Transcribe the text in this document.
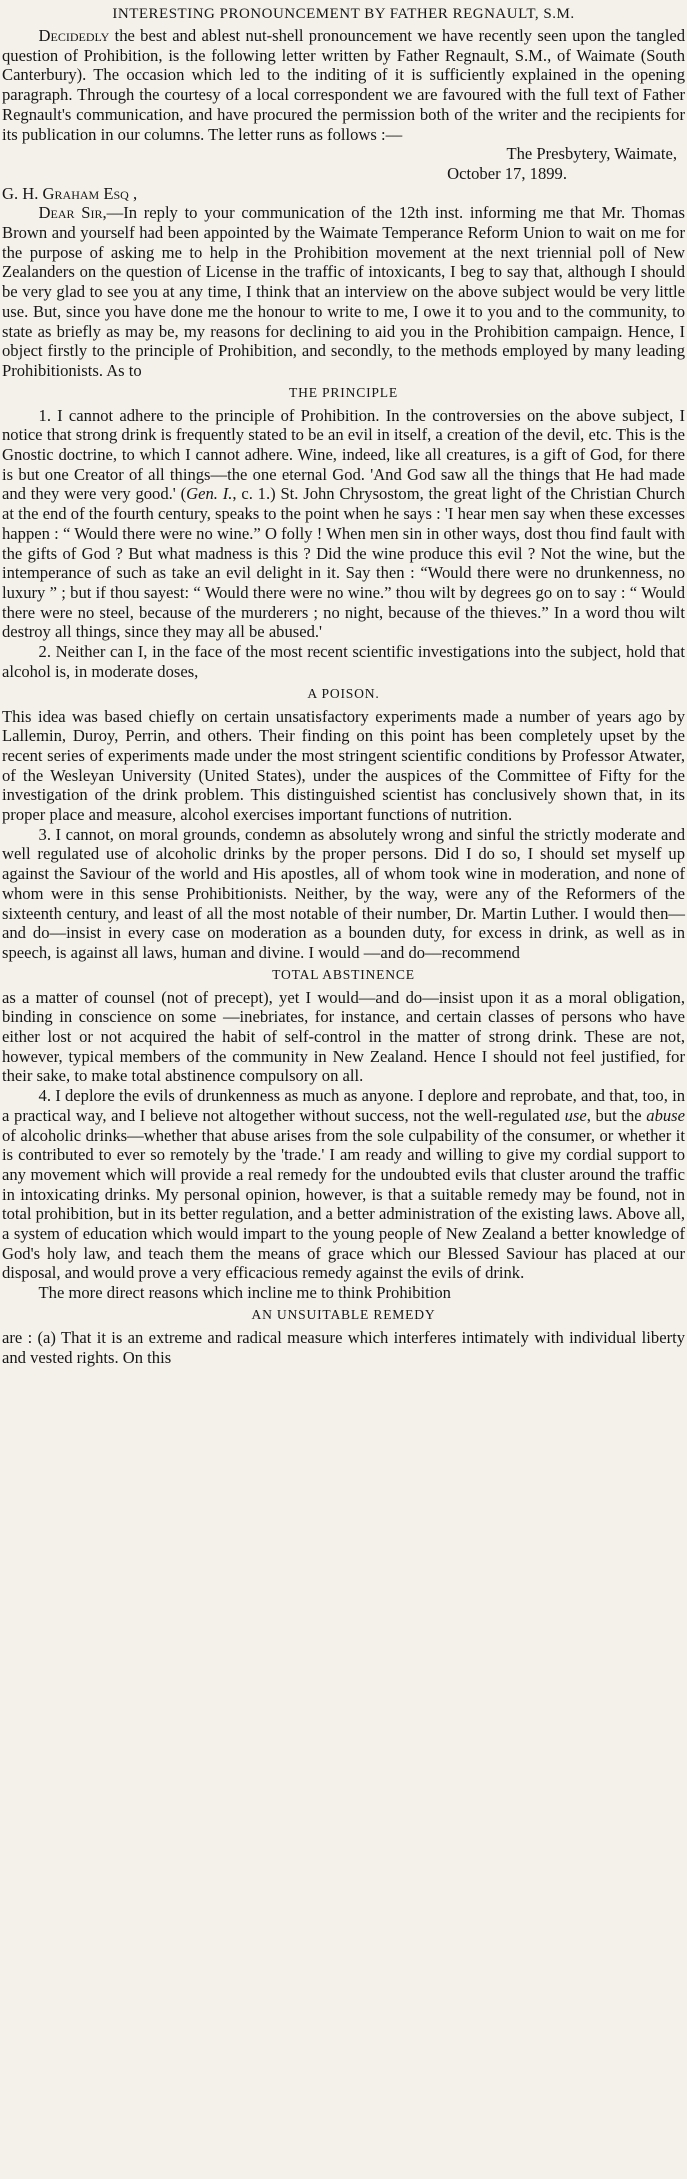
INTERESTING PRONOUNCEMENT BY FATHER REGNAULT, S.M.

Decidedly the best and ablest nut-shell pronouncement we have recently seen upon the tangled question of Prohibition, is the following letter written by Father Regnault, S.M., of Waimate (South Canterbury). The occasion which led to the inditing of it is sufficiently explained in the opening paragraph. Through the courtesy of a local correspondent we are favoured with the full text of Father Regnault's communication, and have procured the permission both of the writer and the recipients for its publication in our columns. The letter runs as follows :—

The Presbytery, Waimate,

October 17, 1899.

G. H. Graham Esq ,

Dear Sir,—In reply to your communication of the 12th inst. informing me that Mr. Thomas Brown and yourself had been appointed by the Waimate Temperance Reform Union to wait on me for the purpose of asking me to help in the Prohibition movement at the next triennial poll of New Zealanders on the question of License in the traffic of intoxicants, I beg to say that, although I should be very glad to see you at any time, I think that an interview on the above subject would be very little use. But, since you have done me the honour to write to me, I owe it to you and to the community, to state as briefly as may be, my reasons for declining to aid you in the Prohibition campaign. Hence, I object firstly to the principle of Prohibition, and secondly, to the methods employed by many leading Prohibitionists. As to

THE PRINCIPLE

1. I cannot adhere to the principle of Prohibition. In the controversies on the above subject, I notice that strong drink is frequently stated to be an evil in itself, a creation of the devil, etc. This is the Gnostic doctrine, to which I cannot adhere. Wine, indeed, like all creatures, is a gift of God, for there is but one Creator of all things—the one eternal God. 'And God saw all the things that He had made and they were very good.' (Gen. I., c. 1.) St. John Chrysostom, the great light of the Christian Church at the end of the fourth century, speaks to the point when he says : 'I hear men say when these excesses happen : “ Would there were no wine.” O folly ! When men sin in other ways, dost thou find fault with the gifts of God ? But what madness is this ? Did the wine produce this evil ? Not the wine, but the intemperance of such as take an evil delight in it. Say then : “Would there were no drunkenness, no luxury ” ; but if thou sayest: “ Would there were no wine.” thou wilt by degrees go on to say : “ Would there were no steel, because of the murderers ; no night, because of the thieves.” In a word thou wilt destroy all things, since they may all be abused.'

2. Neither can I, in the face of the most recent scientific investigations into the subject, hold that alcohol is, in moderate doses,

A POISON.

This idea was based chiefly on certain unsatisfactory experiments made a number of years ago by Lallemin, Duroy, Perrin, and others. Their finding on this point has been completely upset by the recent series of experiments made under the most stringent scientific conditions by Professor Atwater, of the Wesleyan University (United States), under the auspices of the Committee of Fifty for the investigation of the drink problem. This distinguished scientist has conclusively shown that, in its proper place and measure, alcohol exercises important functions of nutrition.

3. I cannot, on moral grounds, condemn as absolutely wrong and sinful the strictly moderate and well regulated use of alcoholic drinks by the proper persons. Did I do so, I should set myself up against the Saviour of the world and His apostles, all of whom took wine in moderation, and none of whom were in this sense Prohibitionists. Neither, by the way, were any of the Reformers of the sixteenth century, and least of all the most notable of their number, Dr. Martin Luther. I would then—and do—insist in every case on moderation as a bounden duty, for excess in drink, as well as in speech, is against all laws, human and divine. I would —and do—recommend

TOTAL ABSTINENCE

as a matter of counsel (not of precept), yet I would—and do—insist upon it as a moral obligation, binding in conscience on some —inebriates, for instance, and certain classes of persons who have either lost or not acquired the habit of self-control in the matter of strong drink. These are not, however, typical members of the community in New Zealand. Hence I should not feel justified, for their sake, to make total abstinence compulsory on all.

4. I deplore the evils of drunkenness as much as anyone. I deplore and reprobate, and that, too, in a practical way, and I believe not altogether without success, not the well-regulated use, but the abuse of alcoholic drinks—whether that abuse arises from the sole culpability of the consumer, or whether it is contributed to ever so remotely by the 'trade.' I am ready and willing to give my cordial support to any movement which will provide a real remedy for the undoubted evils that cluster around the traffic in intoxicating drinks. My personal opinion, however, is that a suitable remedy may be found, not in total prohibition, but in its better regulation, and a better administration of the existing laws. Above all, a system of education which would impart to the young people of New Zealand a better knowledge of God's holy law, and teach them the means of grace which our Blessed Saviour has placed at our disposal, and would prove a very efficacious remedy against the evils of drink.

The more direct reasons which incline me to think Prohibition

AN UNSUITABLE REMEDY

are : (a) That it is an extreme and radical measure which interferes intimately with individual liberty and vested rights. On this
